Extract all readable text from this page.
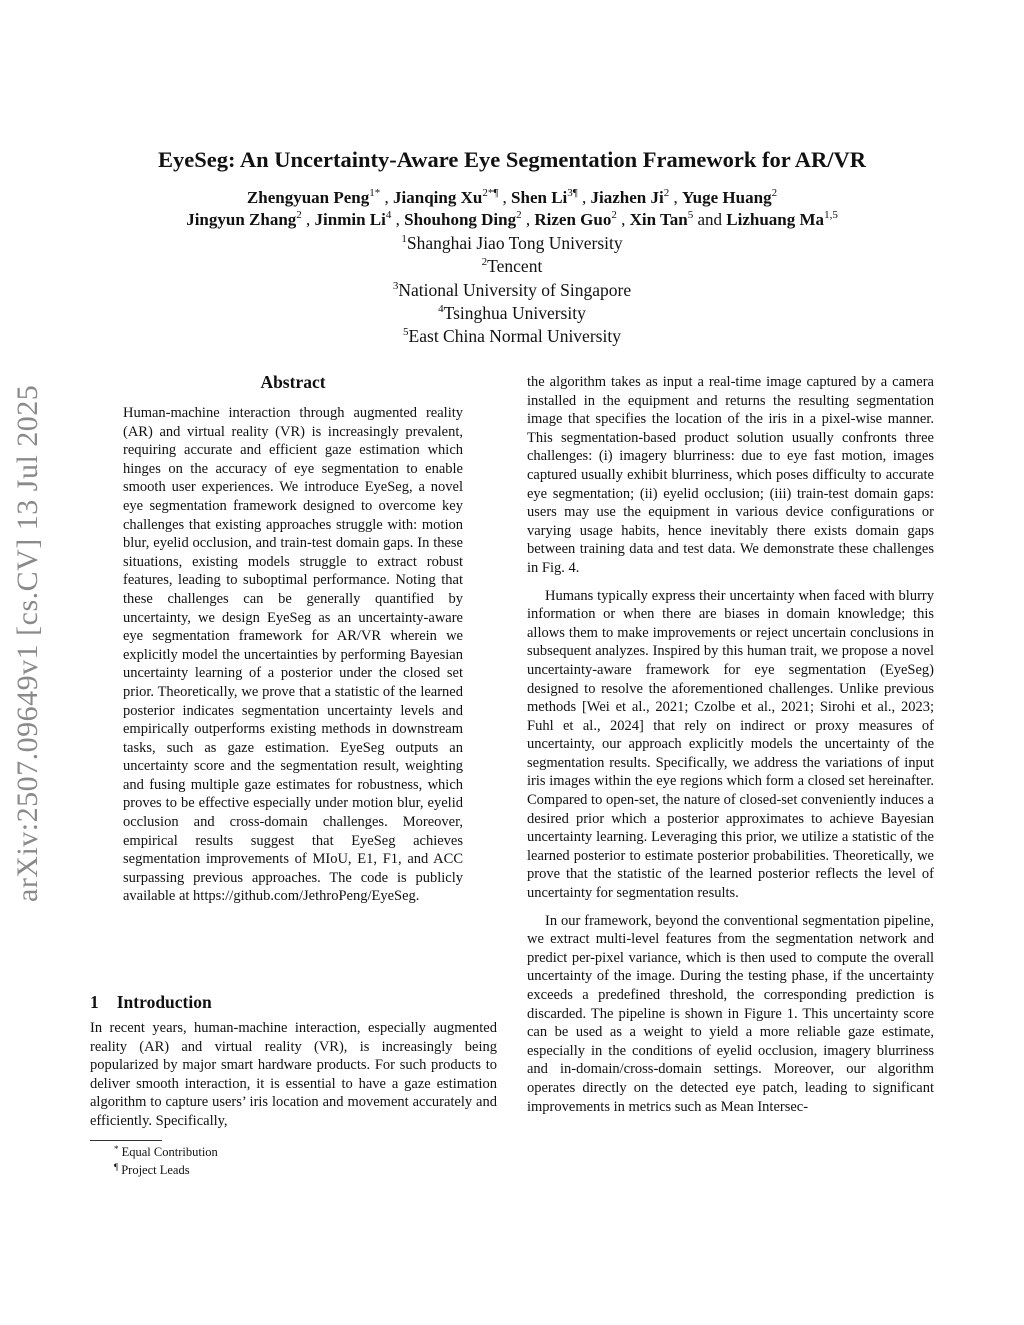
EyeSeg: An Uncertainty-Aware Eye Segmentation Framework for AR/VR
Zhengyuan Peng$^{1*}$ , Jianqing $Xu^{2*\P}$ , Shen $Li^{3\P}$ , Jiazhen Ji$^2$ , Yuge Huang$^2$
Jingyun Zhang$^2$ , Jinmin Li$^4$ , Shouhong Ding$^2$ , Rizen Guo$^2$ , Xin Tan$^5$ and Lizhuang Ma$^{1,5}$
$^1$Shanghai Jiao Tong University
$^2$Tencent
$^3$National University of Singapore
$^4$Tsinghua University
$^5$East China Normal University
arXiv:2507.09649v1 [cs.CV] 13 Jul 2025
Abstract
Human-machine interaction through augmented reality (AR) and virtual reality (VR) is increasingly prevalent, requiring accurate and efficient gaze estimation which hinges on the accuracy of eye segmentation to enable smooth user experiences. We introduce EyeSeg, a novel eye segmentation framework designed to overcome key challenges that existing approaches struggle with: motion blur, eyelid occlusion, and train-test domain gaps. In these situations, existing models struggle to extract robust features, leading to suboptimal performance. Noting that these challenges can be generally quantified by uncertainty, we design EyeSeg as an uncertainty-aware eye segmentation framework for AR/VR wherein we explicitly model the uncertainties by performing Bayesian uncertainty learning of a posterior under the closed set prior. Theoretically, we prove that a statistic of the learned posterior indicates segmentation uncertainty levels and empirically outperforms existing methods in downstream tasks, such as gaze estimation. EyeSeg outputs an uncertainty score and the segmentation result, weighting and fusing multiple gaze estimates for robustness, which proves to be effective especially under motion blur, eyelid occlusion and cross-domain challenges. Moreover, empirical results suggest that EyeSeg achieves segmentation improvements of MIoU, E1, F1, and ACC surpassing previous approaches. The code is publicly available at https://github.com/JethroPeng/EyeSeg.
1 Introduction
In recent years, human-machine interaction, especially augmented reality (AR) and virtual reality (VR), is increasingly being popularized by major smart hardware products. For such products to deliver smooth interaction, it is essential to have a gaze estimation algorithm to capture users’ iris location and movement accurately and efficiently. Specifically,

the algorithm takes as input a real-time image captured by a camera installed in the equipment and returns the resulting segmentation image that specifies the location of the iris in a pixel-wise manner. This segmentation-based product solution usually confronts three challenges: (i) imagery blurriness: due to eye fast motion, images captured usually exhibit blurriness, which poses difficulty to accurate eye segmentation; (ii) eyelid occlusion; (iii) train-test domain gaps: users may use the equipment in various device configurations or varying usage habits, hence inevitably there exists domain gaps between training data and test data. We demonstrate these challenges in Fig. 4.

Humans typically express their uncertainty when faced with blurry information or when there are biases in domain knowledge; this allows them to make improvements or reject uncertain conclusions in subsequent analyzes. Inspired by this human trait, we propose a novel uncertainty-aware framework for eye segmentation (EyeSeg) designed to resolve the aforementioned challenges. Unlike previous methods [Wei et al., 2021; Czolbe et al., 2021; Sirohi et al., 2023; Fuhl et al., 2024] that rely on indirect or proxy measures of uncertainty, our approach explicitly models the uncertainty of the segmentation results. Specifically, we address the variations of input iris images within the eye regions which form a closed set hereinafter. Compared to open-set, the nature of closed-set conveniently induces a desired prior which a posterior approximates to achieve Bayesian uncertainty learning. Leveraging this prior, we utilize a statistic of the learned posterior to estimate posterior probabilities. Theoretically, we prove that the statistic of the learned posterior reflects the level of uncertainty for segmentation results.

In our framework, beyond the conventional segmentation pipeline, we extract multi-level features from the segmentation network and predict per-pixel variance, which is then used to compute the overall uncertainty of the image. During the testing phase, if the uncertainty exceeds a predefined threshold, the corresponding prediction is discarded. The pipeline is shown in Figure 1. This uncertainty score can be used as a weight to yield a more reliable gaze estimate, especially in the conditions of eyelid occlusion, imagery blurriness and in-domain/cross-domain settings. Moreover, our algorithm operates directly on the detected eye patch, leading to significant improvements in metrics such as Mean Intersec-

* Equal Contribution
¶ Project Leads
